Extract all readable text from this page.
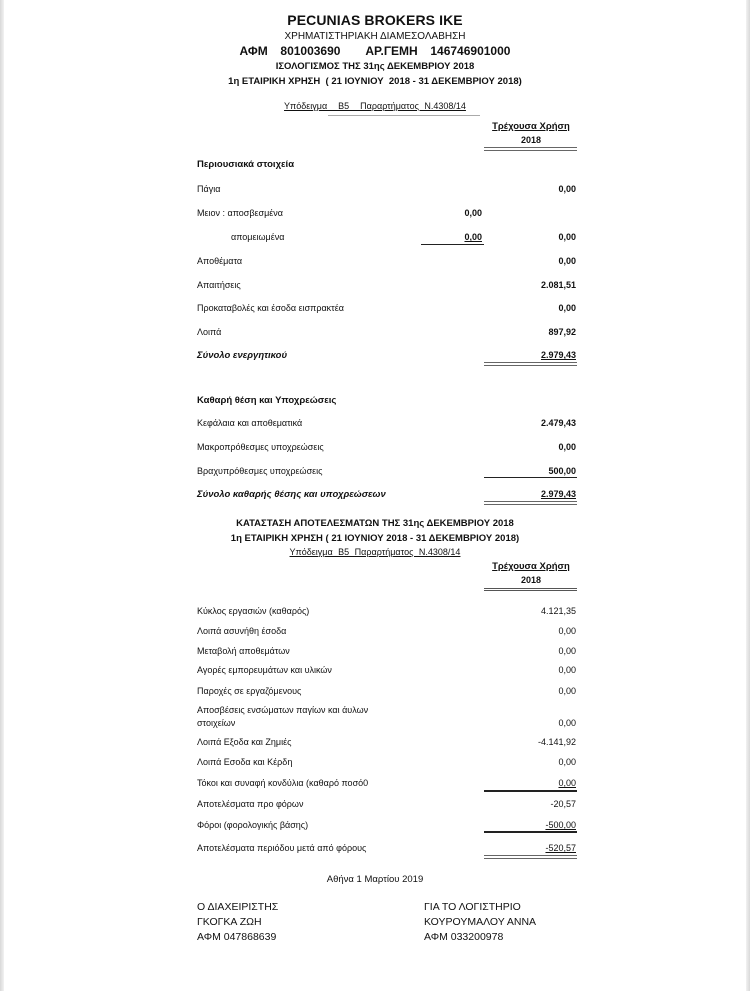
PECUNIAS BROKERS IKE
ΧΡΗΜΑΤΙΣΤΗΡΙΑΚΗ ΔΙΑΜΕΣΟΛΑΒΗΣΗ
ΑΦΜ  801003690    ΑΡ.ΓΕΜΗ  146746901000
ΙΣΟΛΟΓΙΣΜΟΣ ΤΗΣ 31ης ΔΕΚΕΜΒΡΙΟΥ 2018
1η ΕΤΑΙΡΙΚΗ ΧΡΗΣΗ  ( 21 ΙΟΥΝΙΟΥ  2018 - 31 ΔΕΚΕΜΒΡΙΟΥ 2018)
Υπόδειγμα  Β5  Παραρτήματος Ν.4308/14
Τρέχουσα Χρήση
2018
Περιουσιακά στοιχεία
Πάγια	0,00
Μειον : αποσβεσμένα	0,00
απομειωμένα	0,00	0,00
Αποθέματα	0,00
Απαιτήσεις	2.081,51
Προκαταβολές και έσοδα εισπρακτέα	0,00
Λοιπά	897,92
Σύνολο ενεργητικού	2.979,43
Καθαρή θέση και Υποχρεώσεις
Κεφάλαια και αποθεματικά	2.479,43
Μακροπρόθεσμες υποχρεώσεις	0,00
Βραχυπρόθεσμες υποχρεώσεις	500,00
Σύνολο καθαρής θέσης και υποχρεώσεων	2.979,43
ΚΑΤΑΣΤΑΣΗ ΑΠΟΤΕΛΕΣΜΑΤΩΝ ΤΗΣ 31ης ΔΕΚΕΜΒΡΙΟΥ 2018
1η ΕΤΑΙΡΙΚΗ ΧΡΗΣΗ ( 21 ΙΟΥΝΙΟΥ 2018 - 31 ΔΕΚΕΜΒΡΙΟΥ 2018)
Υπόδειγμα Β5 Παραρτήματος Ν.4308/14
Τρέχουσα Χρήση
2018
Κύκλος εργασιών (καθαρός)	4.121,35
Λοιπά ασυνήθη έσοδα	0,00
Μεταβολή αποθεμάτων	0,00
Αγορές εμπορευμάτων και υλικών	0,00
Παροχές σε εργαζόμενους	0,00
Αποσβέσεις ενσώματων παγίων και άυλων
στοιχείων	0,00
Λοιπά Εξοδα και Ζημιές	-4.141,92
Λοιπά Εσοδα και Κέρδη	0,00
Τόκοι και συναφή κονδύλια (καθαρό ποσό0	0,00
Αποτελέσματα προ φόρων	-20,57
Φόροι (φορολογικής βάσης)	-500,00
Αποτελέσματα περιόδου μετά από φόρους	-520,57
Αθήνα 1 Μαρτίου 2019
Ο ΔΙΑΧΕΙΡΙΣΤΗΣ
ΓΚΟΓΚΑ ΖΩΗ
ΑΦΜ 047868639
ΓΙΑ ΤΟ ΛΟΓΙΣΤΗΡΙΟ
ΚΟΥΡΟΥΜΑΛΟΥ ΑΝΝΑ
ΑΦΜ 033200978
